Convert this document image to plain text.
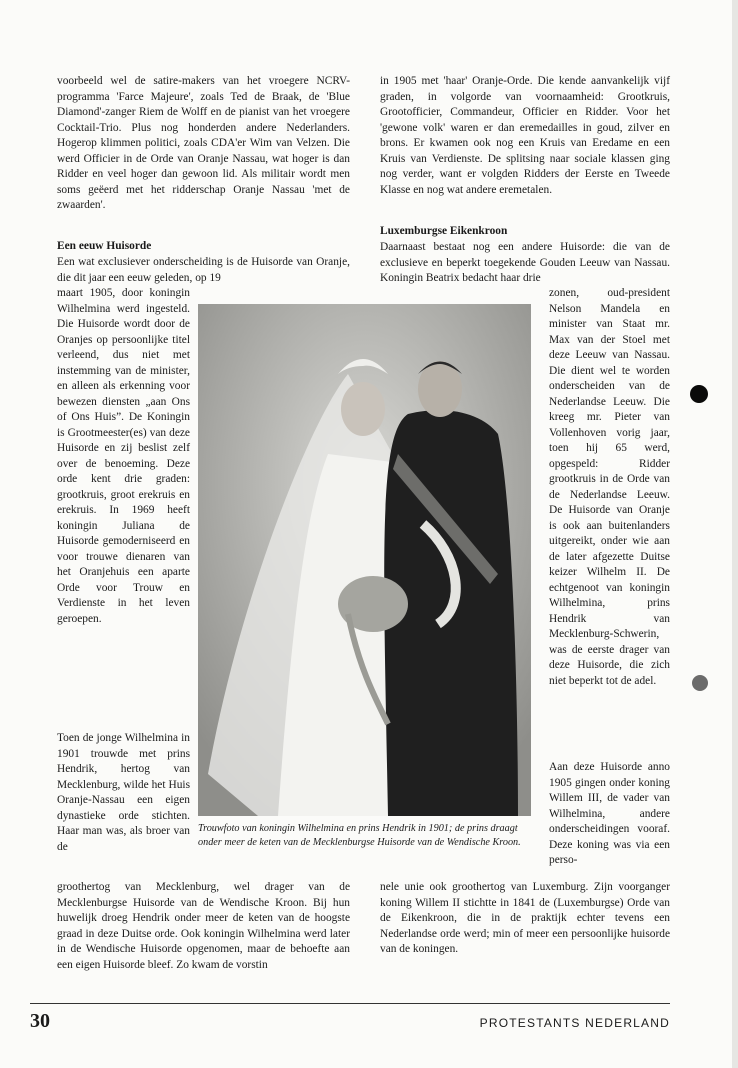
voorbeeld wel de satire-makers van het vroegere NCRV-programma 'Farce Majeure', zoals Ted de Braak, de 'Blue Diamond'-zanger Riem de Wolff en de pianist van het vroegere Cocktail-Trio. Plus nog honderden andere Nederlanders. Hogerop klimmen politici, zoals CDA'er Wim van Velzen. Die werd Officier in de Orde van Oranje Nassau, wat hoger is dan Ridder en veel hoger dan gewoon lid. Als militair wordt men soms geëerd met het ridderschap Oranje Nassau 'met de zwaarden'.

Een eeuw Huisorde
Een wat exclusiever onderscheiding is de Huisorde van Oranje, die dit jaar een eeuw geleden, op 19
maart 1905, door koningin Wilhelmina werd ingesteld. Die Huisorde wordt door de Oranjes op persoonlijke titel verleend, dus niet met instemming van de minister, en alleen als erkenning voor bewezen diensten „aan Ons of Ons Huis”. De Koningin is Grootmeester(es) van deze Huisorde en zij beslist zelf over de benoeming. Deze orde kent drie graden: grootkruis, groot erekruis en erekruis. In 1969 heeft koningin Juliana de Huisorde gemoderniseerd en voor trouwe dienaren van het Oranjehuis een aparte Orde voor Trouw en Verdienste in het leven geroepen.
Toen de jonge Wilhelmina in 1901 trouwde met prins Hendrik, hertog van Mecklenburg, wilde het Huis Oranje-Nassau een eigen dynastieke orde stichten. Haar man was, als broer van de
groothertog van Mecklenburg, wel drager van de Mecklenburgse Huisorde van de Wendische Kroon. Bij hun huwelijk droeg Hendrik onder meer de keten van de hoogste graad in deze Duitse orde. Ook koningin Wilhelmina werd later in de Wendische Huisorde opgenomen, maar de behoefte aan een eigen Huisorde bleef. Zo kwam de vorstin
in 1905 met 'haar' Oranje-Orde. Die kende aanvankelijk vijf graden, in volgorde van voornaamheid: Grootkruis, Grootofficier, Commandeur, Officier en Ridder. Voor het 'gewone volk' waren er dan eremedailles in goud, zilver en brons. Er kwamen ook nog een Kruis van Eredame en een Kruis van Verdienste. De splitsing naar sociale klassen ging nog verder, want er volgden Ridders der Eerste en Tweede Klasse en nog wat andere eremetalen.
Luxemburgse Eikenkroon
Daarnaast bestaat nog een andere Huisorde: die van de exclusieve en beperkt toegekende Gouden Leeuw van Nassau. Koningin Beatrix bedacht haar drie
zonen, oud-president Nelson Mandela en minister van Staat mr. Max van der Stoel met deze Leeuw van Nassau. Die dient wel te worden onderscheiden van de Nederlandse Leeuw. Die kreeg mr. Pieter van Vollenhoven vorig jaar, toen hij 65 werd, opgespeld: Ridder grootkruis in de Orde van de Nederlandse Leeuw. De Huisorde van Oranje is ook aan buitenlanders uitgereikt, onder wie aan de later afgezette Duitse keizer Wilhelm II. De echtgenoot van koningin Wilhelmina, prins Hendrik van Mecklenburg-Schwerin, was de eerste drager van deze Huisorde, die zich niet beperkt tot de adel.
Aan deze Huisorde anno 1905 gingen onder koning Willem III, de vader van Wilhelmina, andere onderscheidingen vooraf. Deze koning was via een perso-
nele unie ook groothertog van Luxemburg. Zijn voorganger koning Willem II stichtte in 1841 de (Luxemburgse) Orde van de Eikenkroon, die in de praktijk echter tevens een Nederlandse orde werd; min of meer een persoonlijke huisorde van de koningen.
Trouwfoto van koningin Wilhelmina en prins Hendrik in 1901; de prins draagt onder meer de keten van de Mecklenburgse Huisorde van de Wendische Kroon.
30	PROTESTANTS NEDERLAND
